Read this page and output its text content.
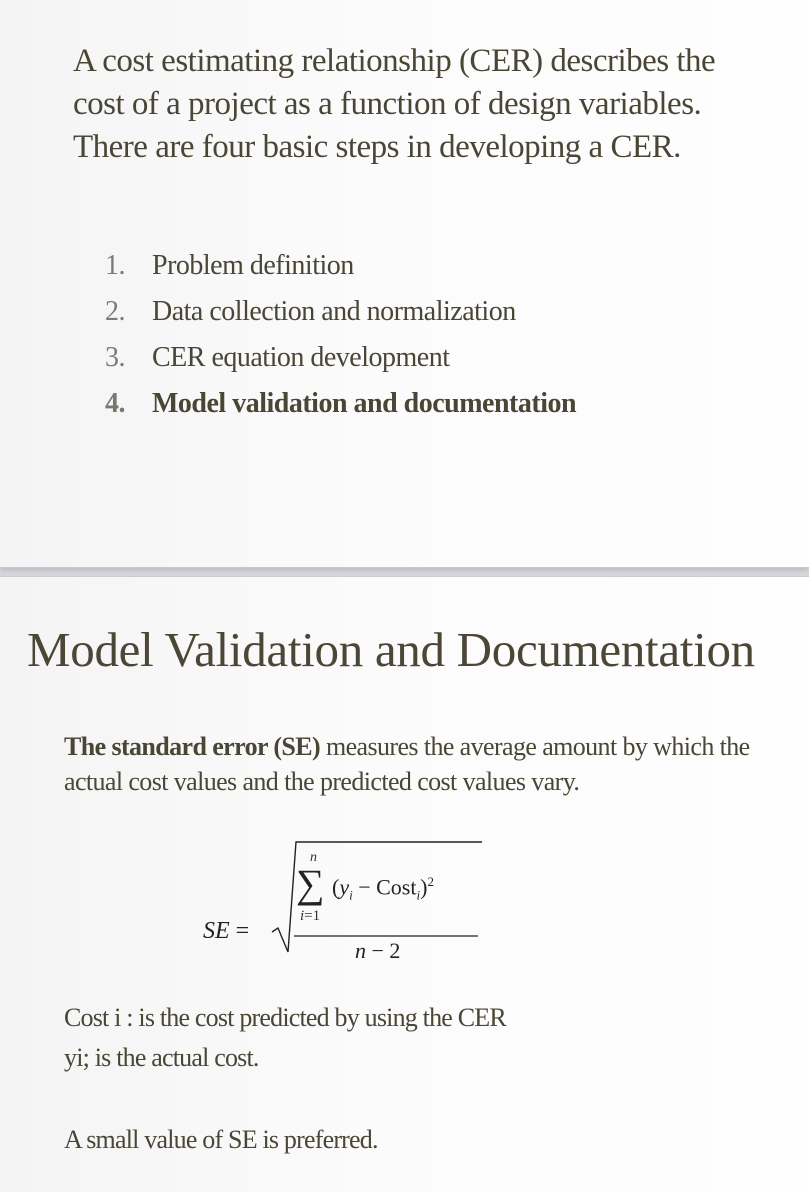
A cost estimating relationship (CER) describes the cost of a project as a function of design variables. There are four basic steps in developing a CER.

1. Problem definition
2. Data collection and normalization
3. CER equation development
4. Model validation and documentation
Model Validation and Documentation

The standard error (SE) measures the average amount by which the actual cost values and the predicted cost values vary.

SE =
n
∑
i=1
($y_i$ − Cost$_i$)$^2$
n − 2

Cost i : is the cost predicted by using the CER

yi; is the actual cost.

A small value of SE is preferred.
